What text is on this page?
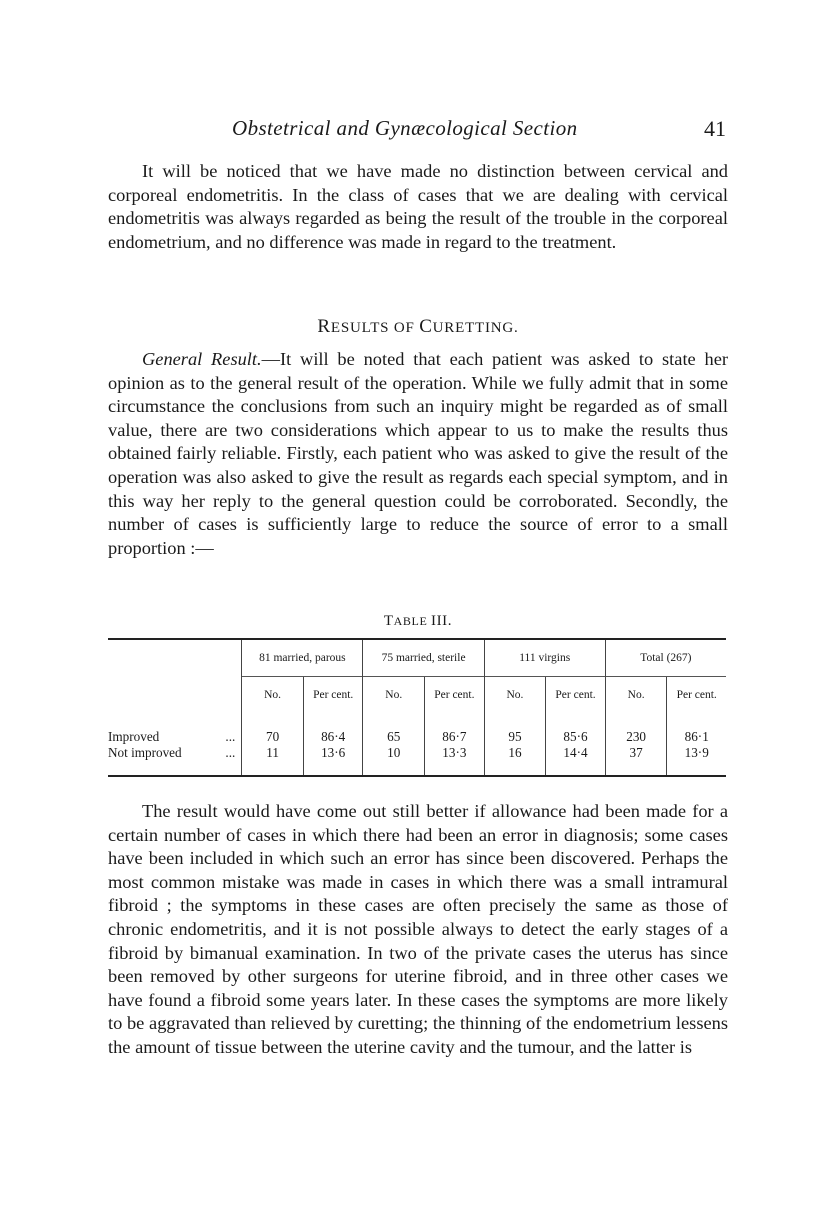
Obstetrical and Gynæcological Section	41

It will be noticed that we have made no distinction between cervical and corporeal endometritis. In the class of cases that we are dealing with cervical endometritis was always regarded as being the result of the trouble in the corporeal endometrium, and no difference was made in regard to the treatment.

RESULTS OF CURETTING.

General Result.—It will be noted that each patient was asked to state her opinion as to the general result of the operation. While we fully admit that in some circumstance the conclusions from such an inquiry might be regarded as of small value, there are two considerations which appear to us to make the results thus obtained fairly reliable. Firstly, each patient who was asked to give the result of the operation was also asked to give the result as regards each special symptom, and in this way her reply to the general question could be corroborated. Secondly, the number of cases is sufficiently large to reduce the source of error to a small proportion :—

TABLE III.

	81 married, parous		75 married, sterile		111 virgins		Total (267)	
	No.	Per cent.	No.	Per cent.	No.	Per cent.	No.	Per cent.

Improved ...	70	86·4	65	86·7	95	85·6	230	86·1

Not improved ...	11	13·6	10	13·3	16	14·4	37	13·9

The result would have come out still better if allowance had been made for a certain number of cases in which there had been an error in diagnosis; some cases have been included in which such an error has since been discovered. Perhaps the most common mistake was made in cases in which there was a small intramural fibroid ; the symptoms in these cases are often precisely the same as those of chronic endometritis, and it is not possible always to detect the early stages of a fibroid by bimanual examination. In two of the private cases the uterus has since been removed by other surgeons for uterine fibroid, and in three other cases we have found a fibroid some years later. In these cases the symptoms are more likely to be aggravated than relieved by curetting; the thinning of the endometrium lessens the amount of tissue between the uterine cavity and the tumour, and the latter is
